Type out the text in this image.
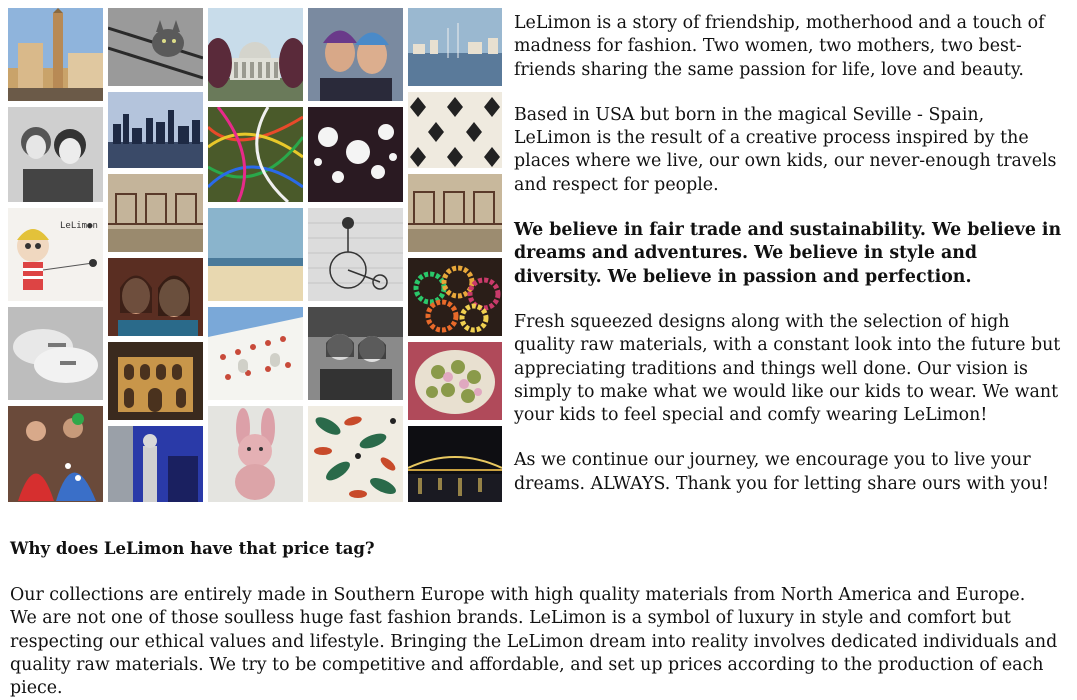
LeLim●n

LeLimon is a story of friendship, motherhood and a touch of madness for fashion. Two women, two mothers, two best-friends sharing the same passion for life, love and beauty.

Based in USA but born in the magical Seville - Spain, LeLimon is the result of a creative process inspired by the places where we live, our own kids, our never-enough travels and respect for people.

We believe in fair trade and sustainability. We believe in dreams and adventures. We believe in style and diversity. We believe in passion and perfection.

Fresh squeezed designs along with the selection of high quality raw materials, with a constant look into the future but appreciating traditions and things well done. Our vision is simply to make what we would like our kids to wear. We want your kids to feel special and comfy wearing LeLimon!

As we continue our journey, we encourage you to live your dreams. ALWAYS. Thank you for letting share ours with you!

Why does LeLimon have that price tag?

Our collections are entirely made in Southern Europe with high quality materials from North America and Europe.

We are not one of those soulless huge fast fashion brands. LeLimon is a symbol of luxury in style and comfort but respecting our ethical values and lifestyle. Bringing the LeLimon dream into reality involves dedicated individuals and quality raw materials. We try to be competitive and affordable, and set up prices according to the production of each piece.
